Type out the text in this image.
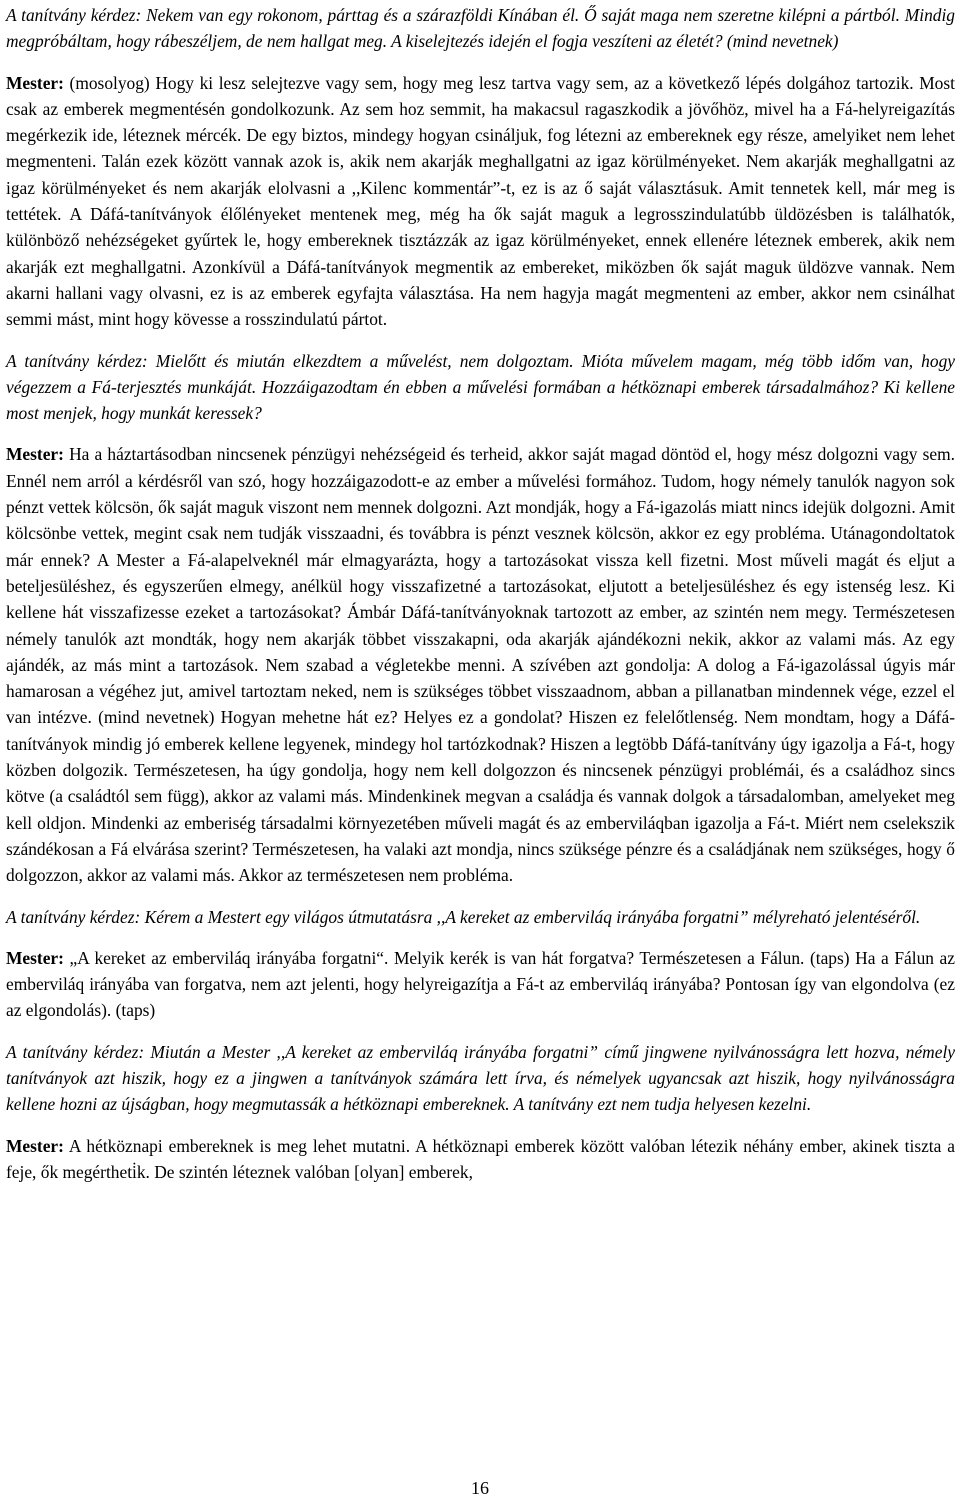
A tanítvány kérdez: Nekem van egy rokonom, párttag és a szárazföldi Kínában él. Ő saját maga nem szeretne kilépni a pártból. Mindig megpróbáltam, hogy rábeszéljem, de nem hallgat meg. A kiselejtezés idején el fogja veszíteni az életét? (mind nevetnek)

Mester: (mosolyog) Hogy ki lesz selejtezve vagy sem, hogy meg lesz tartva vagy sem, az a következő lépés dolgához tartozik. Most csak az emberek megmentésén gondolkozunk. Az sem hoz semmit, ha makacsul ragaszkodik a jövőhöz, mivel ha a Fá-helyreigazítás megérkezik ide, léteznek mércék. De egy biztos, mindegy hogyan csináljuk, fog létezni az embereknek egy része, amelyiket nem lehet megmenteni. Talán ezek között vannak azok is, akik nem akarják meghallgatni az igaz körülményeket. Nem akarják meghallgatni az igaz körülményeket és nem akarják elolvasni a ,,Kilenc kommentár”-t, ez is az ő saját választásuk. Amit tennetek kell, már meg is tettétek. A Dáfá-tanítványok élőlényeket mentenek meg, még ha ők saját maguk a legrosszindulatúbb üldözésben is találhatók, különböző nehézségeket gyűrtek le, hogy embereknek tisztázzák az igaz körülményeket, ennek ellenére léteznek emberek, akik nem akarják ezt meghallgatni. Azonkívül a Dáfá-tanítványok megmentik az embereket, miközben ők saját maguk üldözve vannak. Nem akarni hallani vagy olvasni, ez is az emberek egyfajta választása. Ha nem hagyja magát megmenteni az ember, akkor nem csinálhat semmi mást, mint hogy kövesse a rosszindulatú pártot.

A tanítvány kérdez: Mielőtt és miután elkezdtem a művelést, nem dolgoztam. Mióta művelem magam, még több időm van, hogy végezzem a Fá-terjesztés munkáját. Hozzáigazodtam én ebben a művelési formában a hétköznapi emberek társadalmához? Ki kellene most menjek, hogy munkát keressek?

Mester: Ha a háztartásodban nincsenek pénzügyi nehézségeid és terheid, akkor saját magad döntöd el, hogy mész dolgozni vagy sem. Ennél nem arról a kérdésről van szó, hogy hozzáigazodott-e az ember a művelési formához. Tudom, hogy némely tanulók nagyon sok pénzt vettek kölcsön, ők saját maguk viszont nem mennek dolgozni. Azt mondják, hogy a Fá-igazolás miatt nincs idejük dolgozni. Amit kölcsönbe vettek, megint csak nem tudják visszaadni, és továbbra is pénzt vesznek kölcsön, akkor ez egy probléma. Utánagondoltatok már ennek? A Mester a Fá-alapelveknél már elmagyarázta, hogy a tartozásokat vissza kell fizetni. Most műveli magát és eljut a beteljesüléshez, és egyszerűen elmegy, anélkül hogy visszafizetné a tartozásokat, eljutott a beteljesüléshez és egy istenség lesz. Ki kellene hát visszafizesse ezeket a tartozásokat? Ámbár Dáfá-tanítványoknak tartozott az ember, az szintén nem megy. Természetesen némely tanulók azt mondták, hogy nem akarják többet visszakapni, oda akarják ajándékozni nekik, akkor az valami más. Az egy ajándék, az más mint a tartozások. Nem szabad a végletekbe menni. A szívében azt gondolja: A dolog a Fá-igazolással úgyis már hamarosan a végéhez jut, amivel tartoztam neked, nem is szükséges többet visszaadnom, abban a pillanatban mindennek vége, ezzel el van intézve. (mind nevetnek) Hogyan mehetne hát ez? Helyes ez a gondolat? Hiszen ez felelőtlenség. Nem mondtam, hogy a Dáfá-tanítványok mindig jó emberek kellene legyenek, mindegy hol tartózkodnak? Hiszen a legtöbb Dáfá-tanítvány úgy igazolja a Fá-t, hogy közben dolgozik. Természetesen, ha úgy gondolja, hogy nem kell dolgozzon és nincsenek pénzügyi problémái, és a családhoz sincs kötve (a családtól sem függ), akkor az valami más. Mindenkinek megvan a családja és vannak dolgok a társadalomban, amelyeket meg kell oldjon. Mindenki az emberiség társadalmi környezetében műveli magát és az emberviláqban igazolja a Fá-t. Miért nem cselekszik szándékosan a Fá elvárása szerint? Természetesen, ha valaki azt mondja, nincs szüksége pénzre és a családjának nem szükséges, hogy ő dolgozzon, akkor az valami más. Akkor az természetesen nem probléma.

A tanítvány kérdez: Kérem a Mestert egy világos útmutatásra ,,A kereket az emberviláq irányába forgatni” mélyreható jelentéséről.

Mester: „A kereket az emberviláq irányába forgatni“. Melyik kerék is van hát forgatva? Természetesen a Fálun. (taps) Ha a Fálun az emberviláq irányába van forgatva, nem azt jelenti, hogy helyreigazítja a Fá-t az emberviláq irányába? Pontosan így van elgondolva (ez az elgondolás). (taps)

A tanítvány kérdez: Miután a Mester ,,A kereket az emberviláq irányába forgatni” című jingwene nyilvánosságra lett hozva, némely tanítványok azt hiszik, hogy ez a jingwen a tanítványok számára lett írva, és némelyek ugyancsak azt hiszik, hogy nyilvánosságra kellene hozni az újságban, hogy megmutassák a hétköznapi embereknek. A tanítvány ezt nem tudja helyesen kezelni.

Mester: A hétköznapi embereknek is meg lehet mutatni. A hétköznapi emberek között valóban létezik néhány ember, akinek tiszta a feje, ők megértheti̇k. De szintén léteznek valóban [olyan] emberek,

16
